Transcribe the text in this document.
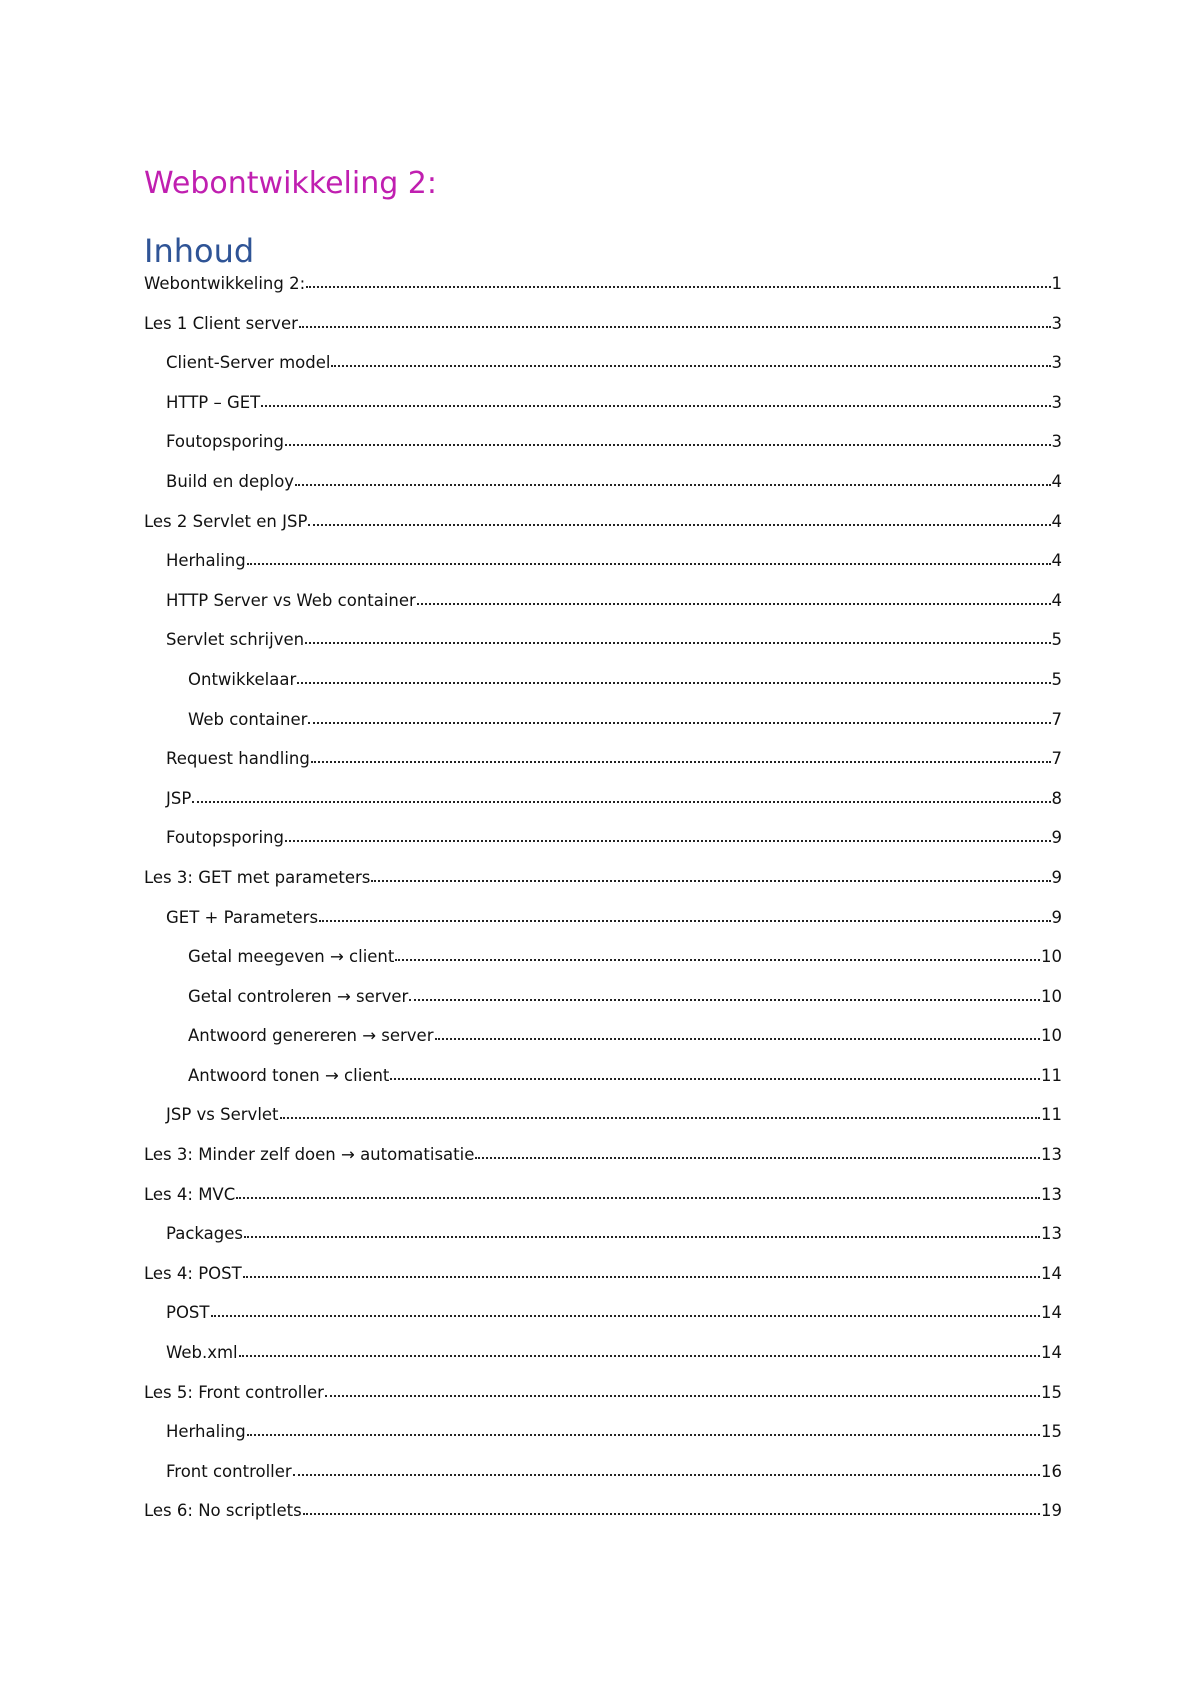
Webontwikkeling 2:
Inhoud
Webontwikkeling 2:	1
Les 1 Client server	3
Client-Server model	3
HTTP – GET	3
Foutopsporing	3
Build en deploy	4
Les 2 Servlet en JSP	4
Herhaling	4
HTTP Server vs Web container	4
Servlet schrijven	5
Ontwikkelaar	5
Web container	7
Request handling	7
JSP	8
Foutopsporing	9
Les 3: GET met parameters	9
GET + Parameters	9
Getal meegeven → client	10
Getal controleren → server	10
Antwoord genereren → server	10
Antwoord tonen → client	11
JSP vs Servlet	11
Les 3: Minder zelf doen → automatisatie	13
Les 4: MVC	13
Packages	13
Les 4: POST	14
POST	14
Web.xml	14
Les 5: Front controller	15
Herhaling	15
Front controller	16
Les 6: No scriptlets	19
